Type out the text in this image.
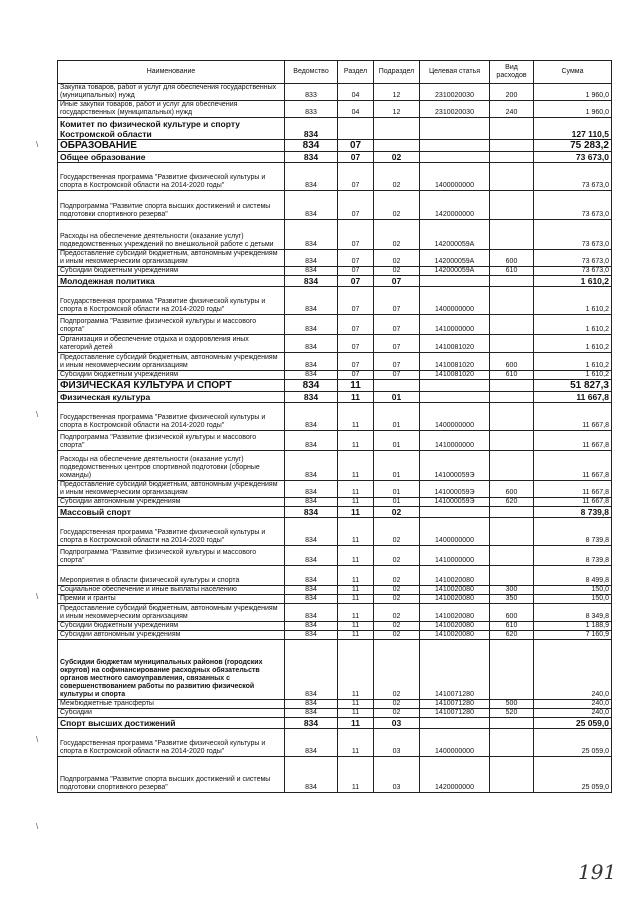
Наименование	Ведомство	Раздел	Подраздел	Целевая статья	Вид расходов	Сумма
Закупка товаров, работ и услуг для обеспечения государственных (муниципальных) нужд	833	04	12	2310020030	200	1 960,0
Иные закупки товаров, работ и услуг для обеспечения государственных (муниципальных) нужд	833	04	12	2310020030	240	1 960,0
Комитет по физической культуре и спорту Костромской области	834					127 110,5
ОБРАЗОВАНИЕ	834	07				75 283,2
Общее образование	834	07	02			73 673,0
Государственная программа "Развитие физической культуры и спорта в Костромской области на 2014-2020 годы"	834	07	02	1400000000		73 673,0
Подпрограмма "Развитие спорта высших достижений и системы подготовки спортивного резерва"	834	07	02	1420000000		73 673,0
Расходы на обеспечение деятельности (оказание услуг) подведомственных учреждений по внешкольной работе с детьми	834	07	02	142000059А		73 673,0
Предоставление субсидий бюджетным, автономным учреждениям и иным некоммерческим организациям	834	07	02	142000059А	600	73 673,0
Субсидии бюджетным учреждениям	834	07	02	142000059А	610	73 673,0
Молодежная политика	834	07	07			1 610,2
Государственная программа "Развитие физической культуры и спорта в Костромской области на 2014-2020 годы"	834	07	07	1400000000		1 610,2
Подпрограмма "Развитие физической культуры и массового спорта"	834	07	07	1410000000		1 610,2
Организация и обеспечение отдыха и оздоровления иных категорий детей	834	07	07	1410081020		1 610,2
Предоставление субсидий бюджетным, автономным учреждениям и иным некоммерческим организациям	834	07	07	1410081020	600	1 610,2
Субсидии бюджетным учреждениям	834	07	07	1410081020	610	1 610,2
ФИЗИЧЕСКАЯ КУЛЬТУРА И СПОРТ	834	11				51 827,3
Физическая культура	834	11	01			11 667,8
Государственная программа "Развитие физической культуры и спорта в Костромской области на 2014-2020 годы"	834	11	01	1400000000		11 667,8
Подпрограмма "Развитие физической культуры и массового спорта"	834	11	01	1410000000		11 667,8
Расходы на обеспечение деятельности (оказание услуг) подведомственных центров спортивной подготовки (сборные команды)	834	11	01	141000059Э		11 667,8
Предоставление субсидий бюджетным, автономным учреждениям и иным некоммерческим организациям	834	11	01	141000059Э	600	11 667,8
Субсидии автономным учреждениям	834	11	01	141000059Э	620	11 667,8
Массовый спорт	834	11	02			8 739,8
Государственная программа "Развитие физической культуры и спорта в Костромской области на 2014-2020 годы"	834	11	02	1400000000		8 739,8
Подпрограмма "Развитие физической культуры и массового спорта"	834	11	02	1410000000		8 739,8
Мероприятия в области физической культуры и спорта	834	11	02	1410020080		8 499,8
Социальное обеспечение и иные выплаты населению	834	11	02	1410020080	300	150,0
Премии и гранты	834	11	02	1410020080	350	150,0
Предоставление субсидий бюджетным, автономным учреждениям и иным некоммерческим организациям	834	11	02	1410020080	600	8 349,8
Субсидии бюджетным учреждениям	834	11	02	1410020080	610	1 188,9
Субсидии автономным учреждениям	834	11	02	1410020080	620	7 160,9
Субсидии бюджетам муниципальных районов (городских округов) на софинансирование расходных обязательств органов местного самоуправления, связанных с совершенствованием работы по развитию физической культуры и спорта	834	11	02	1410071280		240,0
Межбюджетные трансферты	834	11	02	1410071280	500	240,0
Субсидии	834	11	02	1410071280	520	240,0
Спорт высших достижений	834	11	03			25 059,0
Государственная программа "Развитие физической культуры и спорта в Костромской области на 2014-2020 годы"	834	11	03	1400000000		25 059,0
Подпрограмма "Развитие спорта высших достижений и системы подготовки спортивного резерва"	834	11	03	1420000000		25 059,0
191
\
\
\
\
\
